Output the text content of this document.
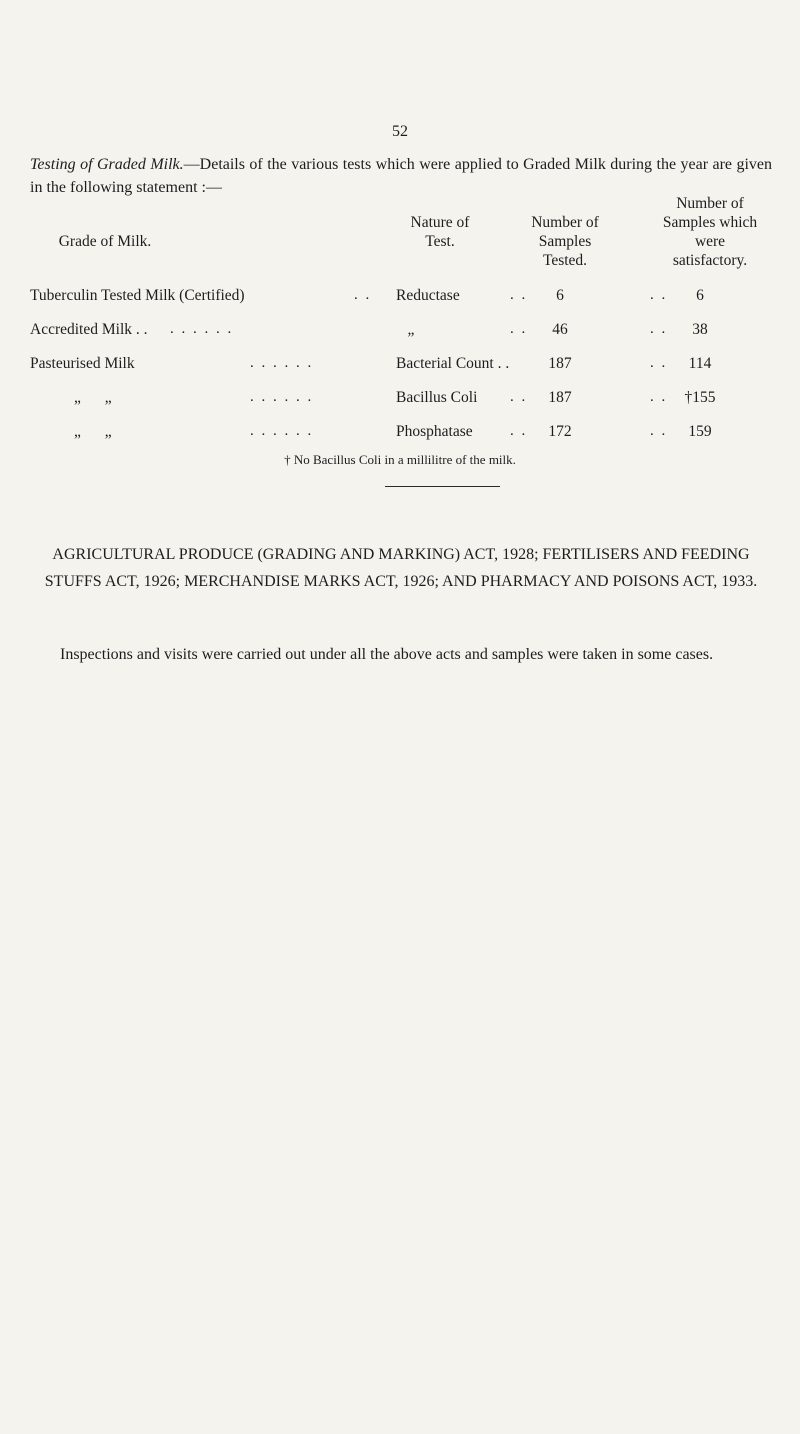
52
Testing of Graded Milk.—Details of the various tests which were applied to Graded Milk during the year are given in the following statement :—
Grade of Milk.
Nature of
Test.
Number of
Samples
Tested.
Number of
Samples which
were
satisfactory.
Tuberculin Tested Milk (Certified)	. . Reductase	. .	6	. .	6
Accredited Milk . . . . . . . .	„	. .	46	. .	38
Pasteurised Milk	. . . . . .	Bacterial Count . .	187	. .	114
„ „	. . . . . .	Bacillus Coli . .	187	. .	†155
„ „	. . . . . .	Phosphatase . .	172	. .	159
† No Bacillus Coli in a millilitre of the milk.
AGRICULTURAL PRODUCE (GRADING AND MARKING) ACT, 1928; FERTILISERS AND FEEDING STUFFS ACT, 1926; MERCHANDISE MARKS ACT, 1926; AND PHARMACY AND POISONS ACT, 1933.
Inspections and visits were carried out under all the above acts and samples were taken in some cases.
